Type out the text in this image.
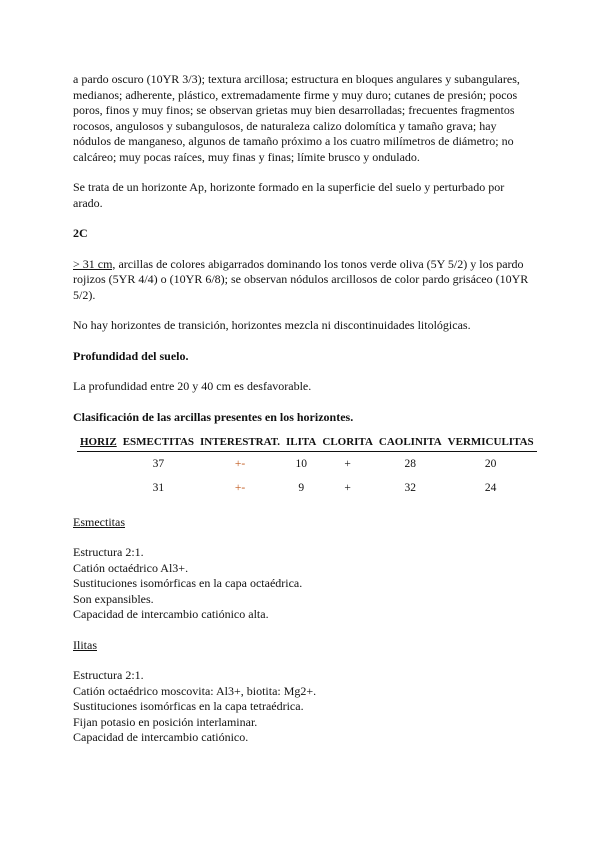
a pardo oscuro (10YR 3/3); textura arcillosa; estructura en bloques angulares y subangulares, medianos; adherente, plástico, extremadamente firme y muy duro; cutanes de presión; pocos poros, finos y muy finos; se observan grietas muy bien desarrolladas; frecuentes fragmentos rocosos, angulosos y subangulosos, de naturaleza calizo dolomítica y tamaño grava; hay nódulos de manganeso, algunos de tamaño próximo a los cuatro milímetros de diámetro; no calcáreo; muy pocas raíces, muy finas y finas; límite brusco y ondulado.

Se trata de un horizonte Ap, horizonte formado en la superficie del suelo y perturbado por arado.

2C

> 31 cm, arcillas de colores abigarrados dominando los tonos verde oliva (5Y 5/2) y los pardo rojizos (5YR 4/4) o (10YR 6/8); se observan nódulos arcillosos de color pardo grisáceo (10YR 5/2).

No hay horizontes de transición, horizontes mezcla ni discontinuidades litológicas.

Profundidad del suelo.

La profundidad entre 20 y 40 cm es desfavorable.

Clasificación de las arcillas presentes en los horizontes.

HORIZ	ESMECTITAS	INTERESTRAT.	ILITA	CLORITA	CAOLINITA	VERMICULITAS
	37	+-	10	+	28	20
	31	+-	9	+	32	24

Esmectitas

Estructura 2:1.

Catión octaédrico Al3+.

Sustituciones isomórficas en la capa octaédrica.

Son expansibles.

Capacidad de intercambio catiónico alta.

Ilitas

Estructura 2:1.

Catión octaédrico moscovita: Al3+, biotita: Mg2+.

Sustituciones isomórficas en la capa tetraédrica.

Fijan potasio en posición interlaminar.

Capacidad de intercambio catiónico.
